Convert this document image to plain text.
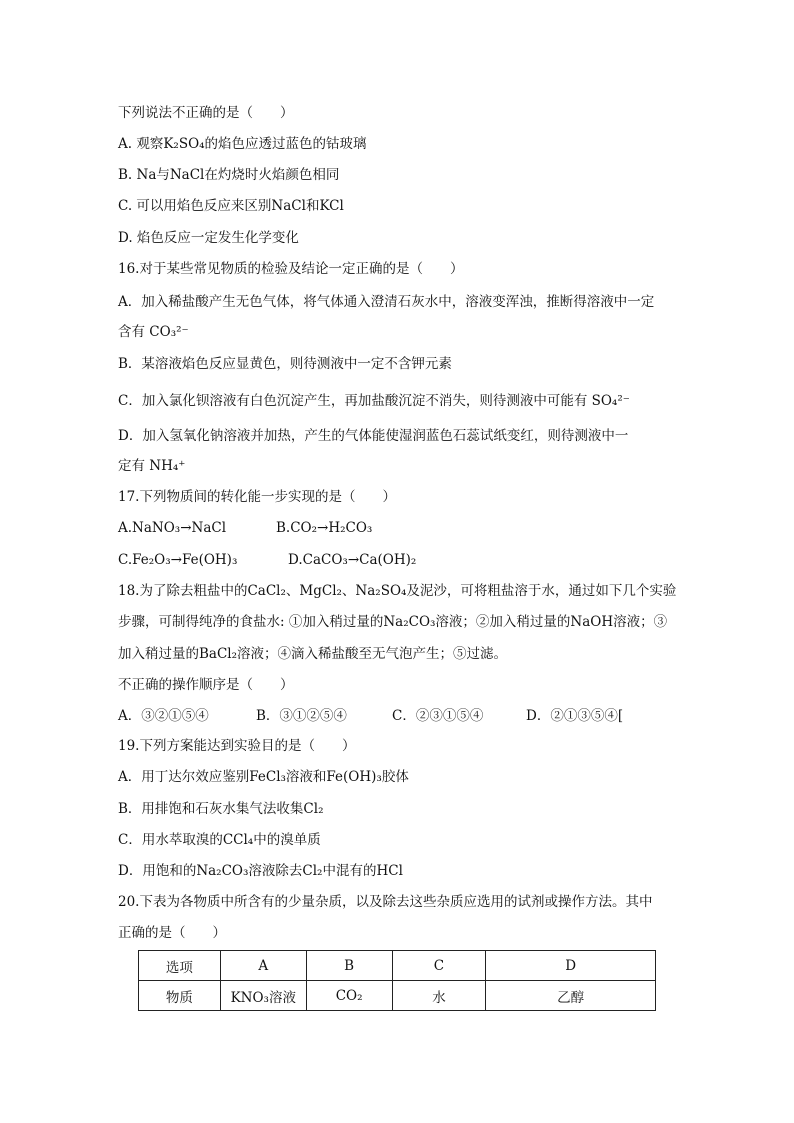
下列说法不正确的是（　　）
A. 观察K₂SO₄的焰色应透过蓝色的钴玻璃
B. Na与NaCl在灼烧时火焰颜色相同
C. 可以用焰色反应来区别NaCl和KCl
D. 焰色反应一定发生化学变化
16.对于某些常见物质的检验及结论一定正确的是（　　）
A．加入稀盐酸产生无色气体，将气体通入澄清石灰水中，溶液变浑浊，推断得溶液中一定
含有 CO₃²⁻
B．某溶液焰色反应显黄色，则待测液中一定不含钾元素
C．加入氯化钡溶液有白色沉淀产生，再加盐酸沉淀不消失，则待测液中可能有 SO₄²⁻
D．加入氢氧化钠溶液并加热，产生的气体能使湿润蓝色石蕊试纸变红，则待测液中一
定有 NH₄⁺
17.下列物质间的转化能一步实现的是（　　）
A.NaNO₃→NaCl	B.CO₂→H₂CO₃
C.Fe₂O₃→Fe(OH)₃	D.CaCO₃→Ca(OH)₂
18.为了除去粗盐中的CaCl₂、MgCl₂、Na₂SO₄及泥沙，可将粗盐溶于水，通过如下几个实验
步骤，可制得纯净的食盐水: ①加入稍过量的Na₂CO₃溶液；②加入稍过量的NaOH溶液；③
加入稍过量的BaCl₂溶液；④滴入稀盐酸至无气泡产生；⑤过滤。
不正确的操作顺序是（　　）
A．③②①⑤④	B．③①②⑤④	C．②③①⑤④	D．②①③⑤④[
19.下列方案能达到实验目的是（　　）
A．用丁达尔效应鉴别FeCl₃溶液和Fe(OH)₃胶体
B．用排饱和石灰水集气法收集Cl₂
C．用水萃取溴的CCl₄中的溴单质
D．用饱和的Na₂CO₃溶液除去Cl₂中混有的HCl
20.下表为各物质中所含有的少量杂质，以及除去这些杂质应选用的试剂或操作方法。其中
正确的是（　　）
选项	A	B	C	D
物质	KNO₃溶液	CO₂	水	乙醇
